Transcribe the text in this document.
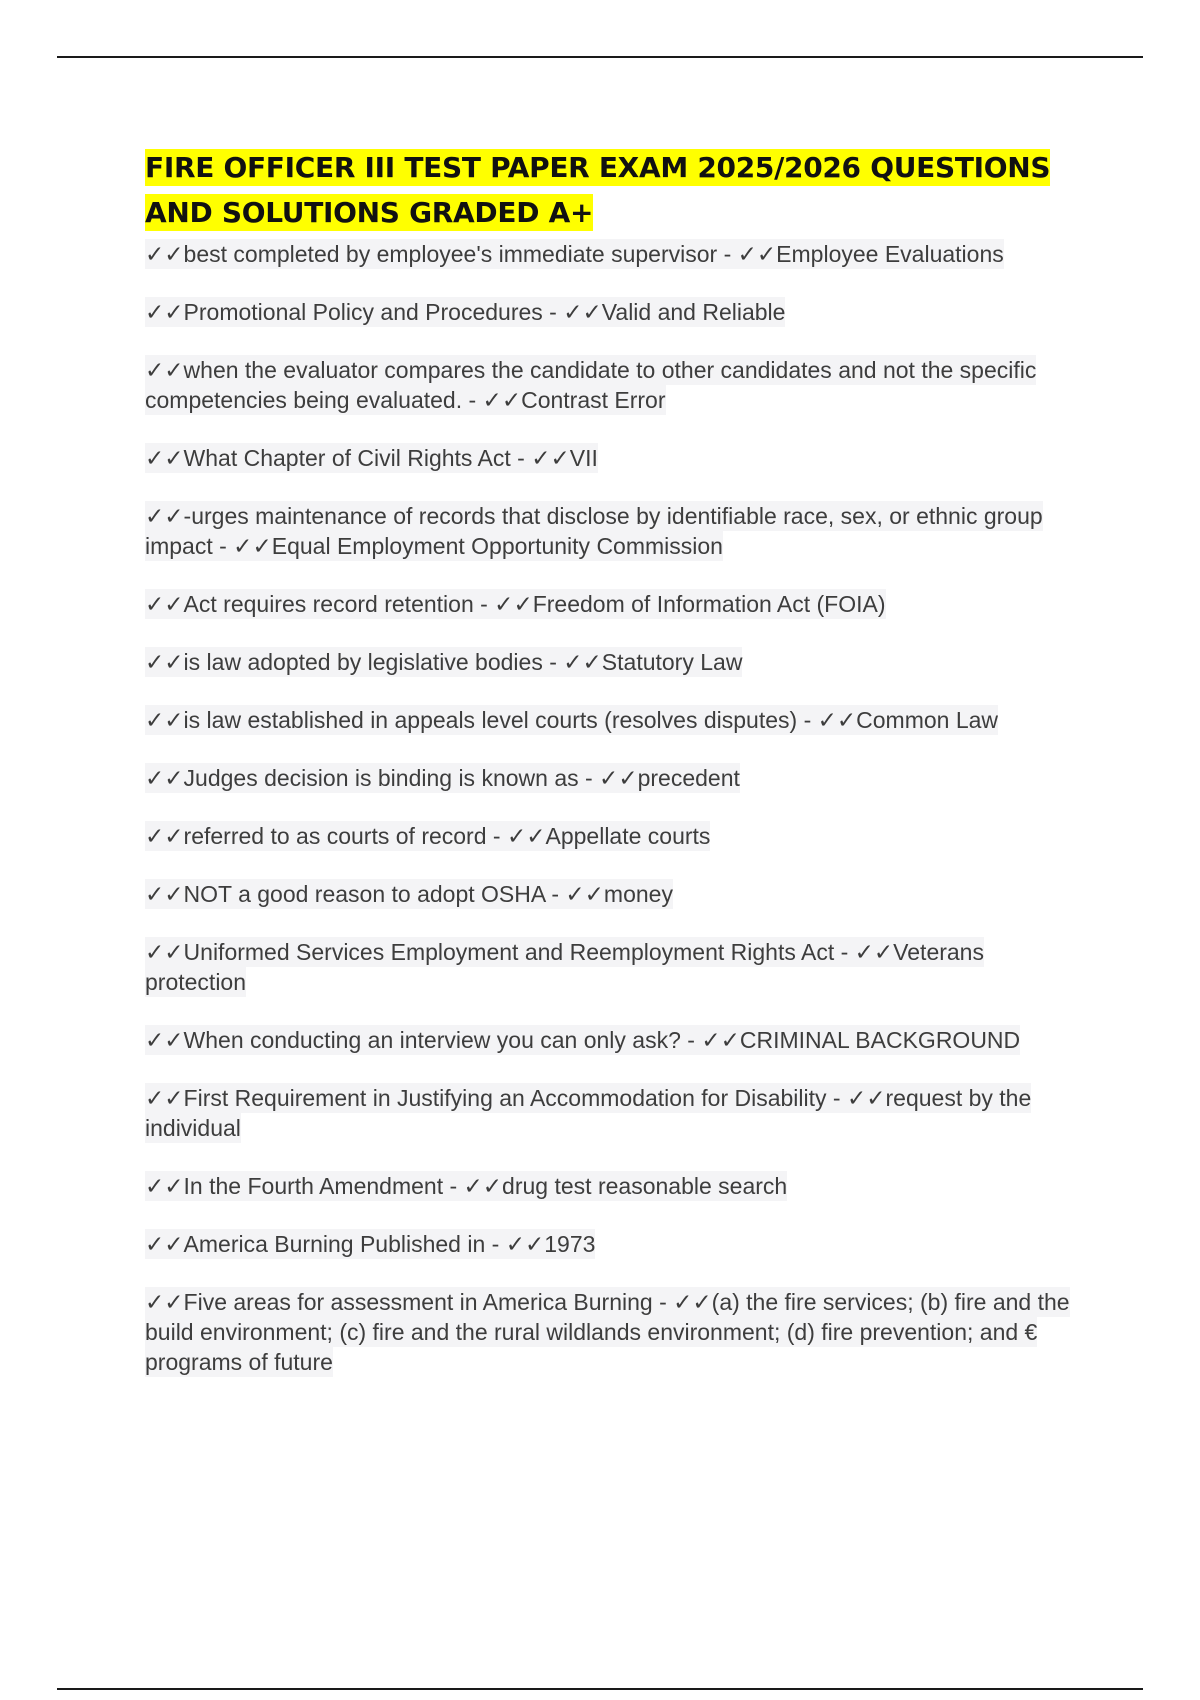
FIRE OFFICER III TEST PAPER EXAM 2025/2026 QUESTIONS AND SOLUTIONS GRADED A+

✓✓best completed by employee's immediate supervisor - ✓✓Employee Evaluations

✓✓Promotional Policy and Procedures - ✓✓Valid and Reliable

✓✓when the evaluator compares the candidate to other candidates and not the specific competencies being evaluated. - ✓✓Contrast Error

✓✓What Chapter of Civil Rights Act - ✓✓VII

✓✓-urges maintenance of records that disclose by identifiable race, sex, or ethnic group impact - ✓✓Equal Employment Opportunity Commission

✓✓Act requires record retention - ✓✓Freedom of Information Act (FOIA)

✓✓is law adopted by legislative bodies - ✓✓Statutory Law

✓✓is law established in appeals level courts (resolves disputes) - ✓✓Common Law

✓✓Judges decision is binding is known as - ✓✓precedent

✓✓referred to as courts of record - ✓✓Appellate courts

✓✓NOT a good reason to adopt OSHA - ✓✓money

✓✓Uniformed Services Employment and Reemployment Rights Act - ✓✓Veterans protection

✓✓When conducting an interview you can only ask? - ✓✓CRIMINAL BACKGROUND

✓✓First Requirement in Justifying an Accommodation for Disability - ✓✓request by the individual

✓✓In the Fourth Amendment - ✓✓drug test reasonable search

✓✓America Burning Published in - ✓✓1973

✓✓Five areas for assessment in America Burning - ✓✓(a) the fire services; (b) fire and the build environment; (c) fire and the rural wildlands environment; (d) fire prevention; and € programs of future
